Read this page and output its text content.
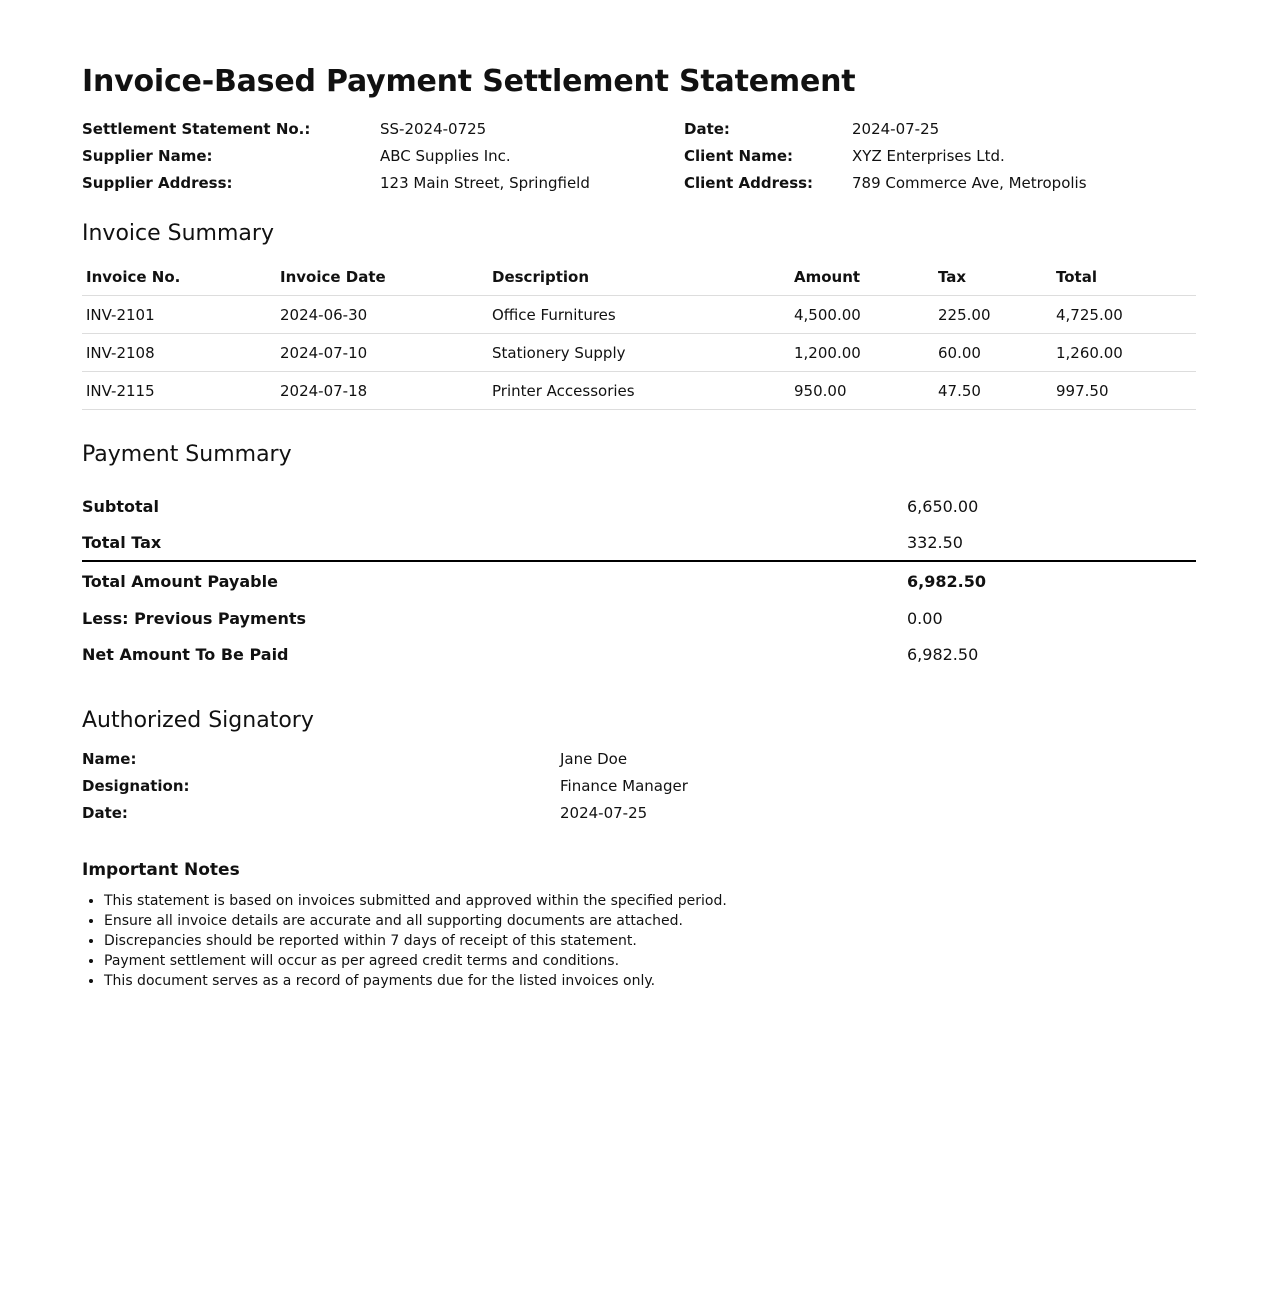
Invoice-Based Payment Settlement Statement
Settlement Statement No.:	SS-2024-0725	Date:	2024-07-25
Supplier Name:	ABC Supplies Inc.	Client Name:	XYZ Enterprises Ltd.
Supplier Address:	123 Main Street, Springfield	Client Address:	789 Commerce Ave, Metropolis
Invoice Summary
Invoice No.	Invoice Date	Description	Amount	Tax	Total
INV-2101	2024-06-30	Office Furnitures	4,500.00	225.00	4,725.00
INV-2108	2024-07-10	Stationery Supply	1,200.00	60.00	1,260.00
INV-2115	2024-07-18	Printer Accessories	950.00	47.50	997.50
Payment Summary
Subtotal	6,650.00
Total Tax	332.50
Total Amount Payable	6,982.50
Less: Previous Payments	0.00
Net Amount To Be Paid	6,982.50
Authorized Signatory
Name:	Jane Doe
Designation:	Finance Manager
Date:	2024-07-25
Important Notes
• This statement is based on invoices submitted and approved within the specified period.
• Ensure all invoice details are accurate and all supporting documents are attached.
• Discrepancies should be reported within 7 days of receipt of this statement.
• Payment settlement will occur as per agreed credit terms and conditions.
• This document serves as a record of payments due for the listed invoices only.
